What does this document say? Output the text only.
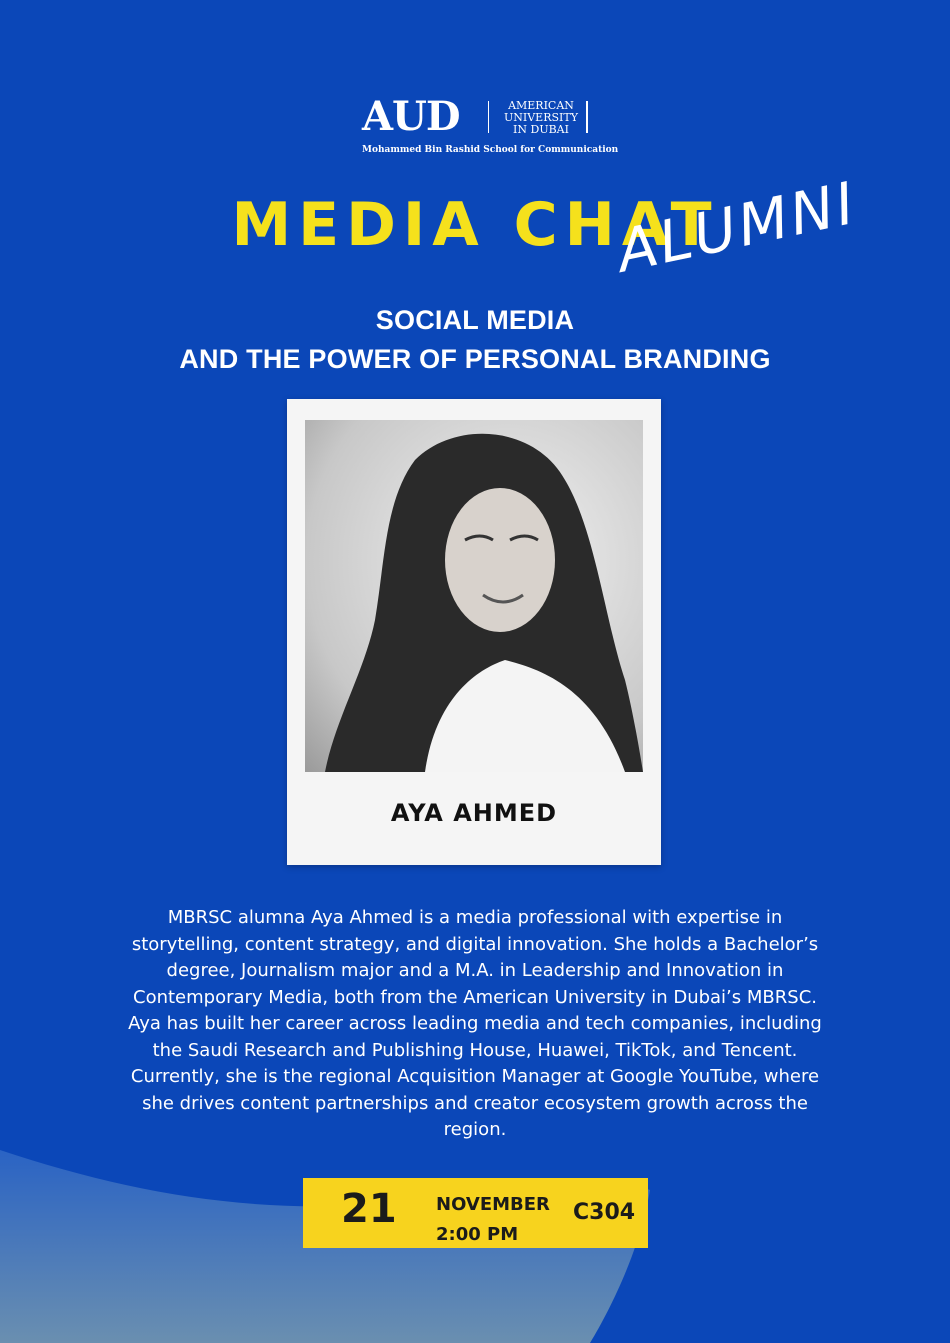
AUD	AMERICAN
UNIVERSITY
IN DUBAI
Mohammed Bin Rashid School for Communication
MEDIA CHAT
ALUMNI
SOCIAL MEDIA
AND THE POWER OF PERSONAL BRANDING
AYA AHMED
MBRSC alumna Aya Ahmed is a media professional with expertise in storytelling, content strategy, and digital innovation. She holds a Bachelor’s degree, Journalism major and a M.A. in Leadership and Innovation in Contemporary Media, both from the American University in Dubai’s MBRSC. Aya has built her career across leading media and tech companies, including the Saudi Research and Publishing House, Huawei, TikTok, and Tencent. Currently, she is the regional Acquisition Manager at Google YouTube, where she drives content partnerships and creator ecosystem growth across the region.
21 NOVEMBER
2:00 PM
C304
